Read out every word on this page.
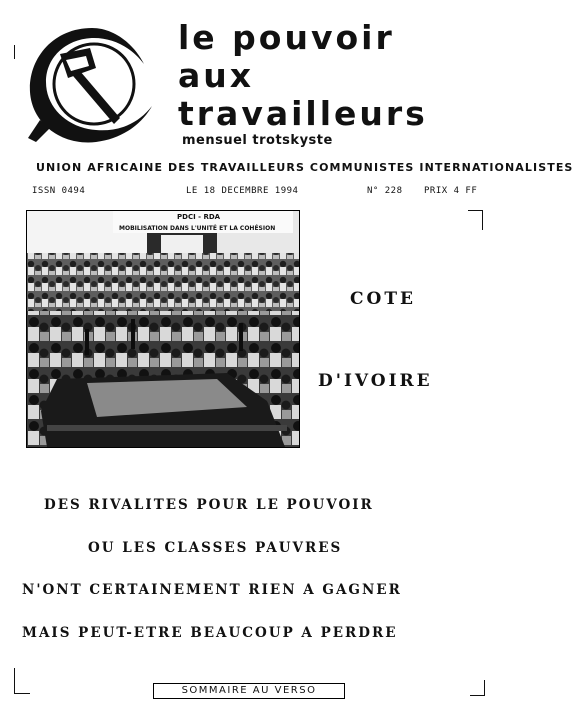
le pouvoir
aux
travailleurs
mensuel trotskyste
UNION AFRICAINE DES TRAVAILLEURS COMMUNISTES INTERNATIONALISTES
ISSN 0494	LE 18 DECEMBRE 1994	N° 228 PRIX 4 FF
PDCI - RDA
MOBILISATION DANS L'UNITÉ ET LA COHÉSION
COTE
D'IVOIRE
DES RIVALITES POUR LE POUVOIR
OU LES CLASSES PAUVRES
N'ONT CERTAINEMENT RIEN A GAGNER
MAIS PEUT-ETRE BEAUCOUP A PERDRE
SOMMAIRE AU VERSO
